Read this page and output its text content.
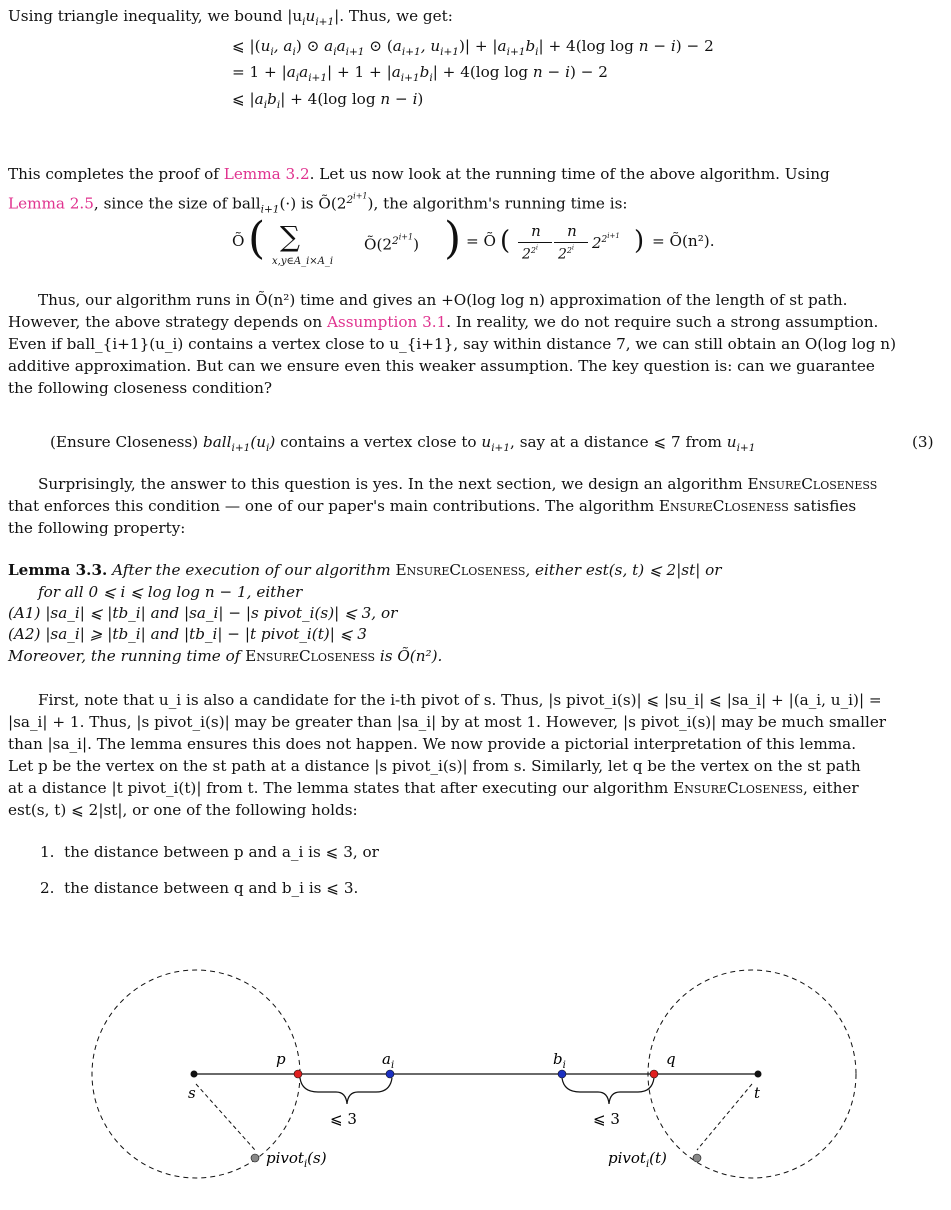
Using triangle inequality, we bound $|u_iu_{i+1}|$. Thus, we get:
⩽ $|(u_i$, $a_i$) ⊙ $a_ia_{i+1}$ ⊙ ($a_{i+1}$, $u_{i+1})| + |a_{i+1}b_i| + 4(\log$ log n − i) − 2
= $1 + |a_ia_{i+1}| + 1 + |a_{i+1}b_i| + 4(\log$ log n − i) − 2
⩽ $|a_ib_i| + 4(\log$ log n − i)
This completes the proof of Lemma 3.2. Let us now look at the running time of the above algorithm. Using
Lemma 2.5, since the size of ball$_{i+1}$(·) is $Õ(2^{2^{i+1}})$, the algorithm's running time is:
Õ ( ∑
x,y∈A_i×A_i
$Õ(2^{2^{i+1}})$ ) = Õ (	n
$2^{2^i}$
n
$2^{2^i}$ $2^{2^{i+1}}$ ) = Õ(n²).
Thus, our algorithm runs in Õ(n²) time and gives an +O(log log n) approximation of the length of st path.
However, the above strategy depends on Assumption 3.1. In reality, we do not require such a strong assumption.
Even if ball_{i+1}(u_i) contains a vertex close to u_{i+1}, say within distance 7, we can still obtain an O(log log n)
additive approximation. But can we ensure even this weaker assumption. The key question is: can we guarantee
the following closeness condition?
(Ensure Closeness) $ball_{i+1}(u_i)$ contains a vertex close to $u_{i+1}$, say at a distance ⩽ 7 from $u_{i+1}$	(3)
Surprisingly, the answer to this question is yes. In the next section, we design an algorithm EnsureCloseness
that enforces this condition — one of our paper's main contributions. The algorithm EnsureCloseness satisfies
the following property:
Lemma 3.3. After the execution of our algorithm EnsureCloseness, either est(s, t) ⩽ 2|st| or
for all 0 ⩽ i ⩽ log log n − 1, either
(A1) |sa_i| ⩽ |tb_i| and |sa_i| − |s pivot_i(s)| ⩽ 3, or
(A2) |sa_i| ⩾ |tb_i| and |tb_i| − |t pivot_i(t)| ⩽ 3
Moreover, the running time of EnsureCloseness is Õ(n²).
First, note that u_i is also a candidate for the i-th pivot of s. Thus, |s pivot_i(s)| ⩽ |su_i| ⩽ |sa_i| + |(a_i, u_i)| =
|sa_i| + 1. Thus, |s pivot_i(s)| may be greater than |sa_i| by at most 1. However, |s pivot_i(s)| may be much smaller
than |sa_i|. The lemma ensures this does not happen. We now provide a pictorial interpretation of this lemma.
Let p be the vertex on the st path at a distance |s pivot_i(s)| from s. Similarly, let q be the vertex on the st path
at a distance |t pivot_i(t)| from t. The lemma states that after executing our algorithm EnsureCloseness, either
est(s, t) ⩽ 2|st|, or one of the following holds:
1. the distance between p and a_i is ⩽ 3, or
2. the distance between q and b_i is ⩽ 3.
s	t
p	q
$a_i$	$b_i$
⩽ 3	⩽ 3
pivot$_i$(s)	pivot$_i$(t)
